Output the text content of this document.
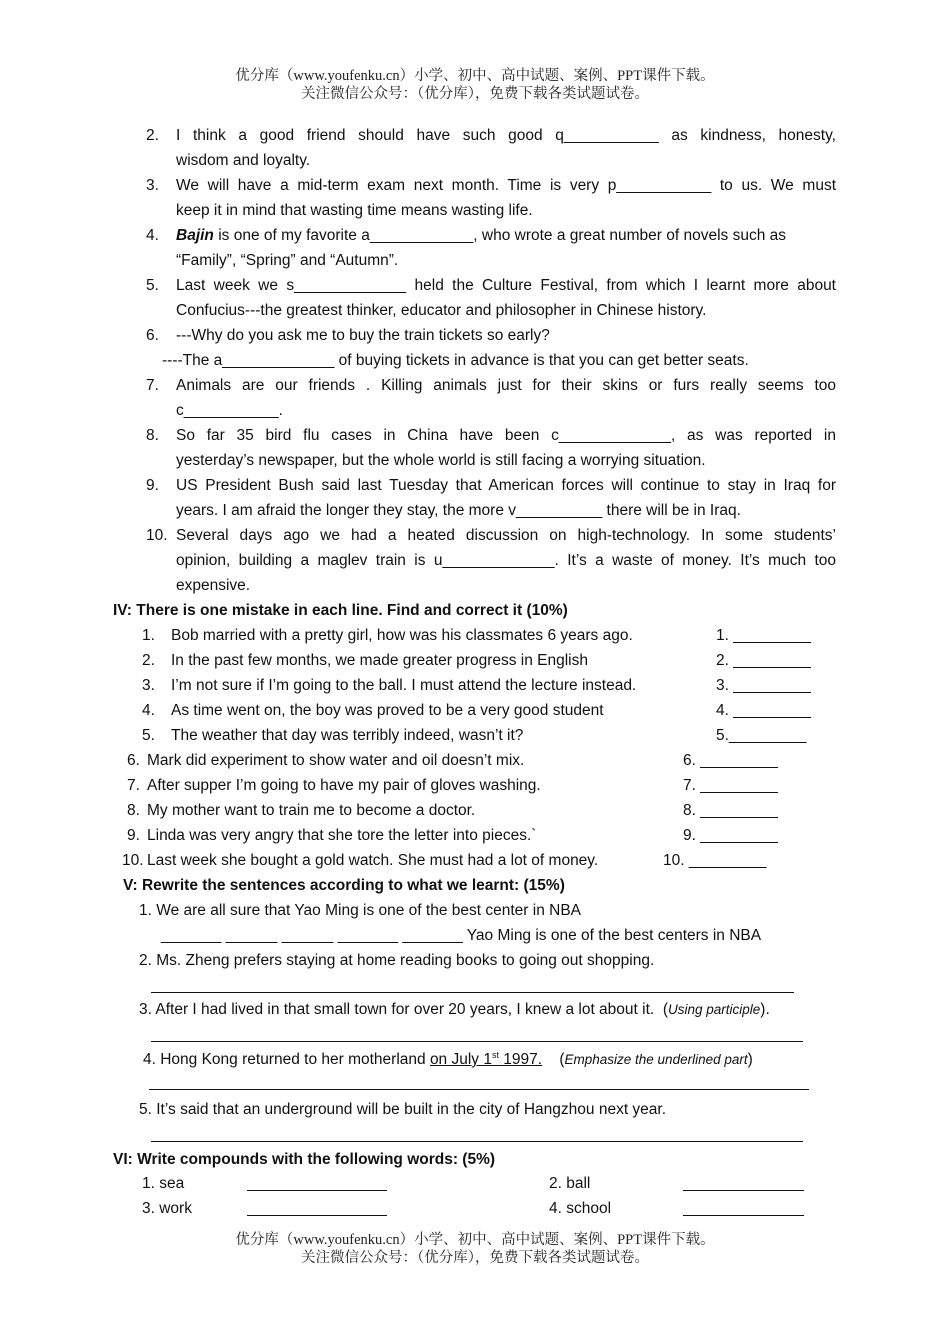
优分库（www.youfenku.cn）小学、初中、高中试题、案例、PPT课件下载。
关注微信公众号：（优分库），免费下载各类试题试卷。
2. I think a good friend should have such good q___________ as kindness, honesty,
wisdom and loyalty.
3. We will have a mid-term exam next month. Time is very p___________ to us. We must
keep it in mind that wasting time means wasting life.
4. Bajin is one of my favorite a____________, who wrote a great number of novels such as
“Family”, “Spring” and “Autumn”.
5. Last week we s_____________ held the Culture Festival, from which I learnt more about
Confucius---the greatest thinker, educator and philosopher in Chinese history.
6. ---Why do you ask me to buy the train tickets so early?
----The a_____________ of buying tickets in advance is that you can get better seats.
7. Animals are our friends . Killing animals just for their skins or furs really seems too
c___________.
8. So far 35 bird flu cases in China have been c_____________, as was reported in
yesterday’s newspaper, but the whole world is still facing a worrying situation.
9. US President Bush said last Tuesday that American forces will continue to stay in Iraq for
years. I am afraid the longer they stay, the more v__________ there will be in Iraq.
10. Several days ago we had a heated discussion on high-technology. In some students’
opinion, building a maglev train is u_____________. It’s a waste of money. It’s much too
expensive.
IV: There is one mistake in each line. Find and correct it (10%)
1. Bob married with a pretty girl, how was his classmates 6 years ago.	1. _________
2. In the past few months, we made greater progress in English	2. _________
3. I’m not sure if I’m going to the ball. I must attend the lecture instead.	3. _________
4. As time went on, the boy was proved to be a very good student	4. _________
5. The weather that day was terribly indeed, wasn’t it?	5._________
6. Mark did experiment to show water and oil doesn’t mix.	6. _________
7. After supper I’m going to have my pair of gloves washing.	7. _________
8. My mother want to train me to become a doctor.	8. _________
9. Linda was very angry that she tore the letter into pieces.`	9. _________
10. Last week she bought a gold watch. She must had a lot of money.	10. _________
V: Rewrite the sentences according to what we learnt: (15%)
1. We are all sure that Yao Ming is one of the best center in NBA
_______ ______ ______ _______ _______ Yao Ming is one of the best centers in NBA
2. Ms. Zheng prefers staying at home reading books to going out shopping.
3. After I had lived in that small town for over 20 years, I knew a lot about it.  (Using participle).
4. Hong Kong returned to her motherland on July 1st 1997.    (Emphasize the underlined part)
5. It’s said that an underground will be built in the city of Hangzhou next year.
VI: Write compounds with the following words: (5%)
1. sea	2. ball
3. work	4. school
优分库（www.youfenku.cn）小学、初中、高中试题、案例、PPT课件下载。
关注微信公众号：（优分库），免费下载各类试题试卷。
